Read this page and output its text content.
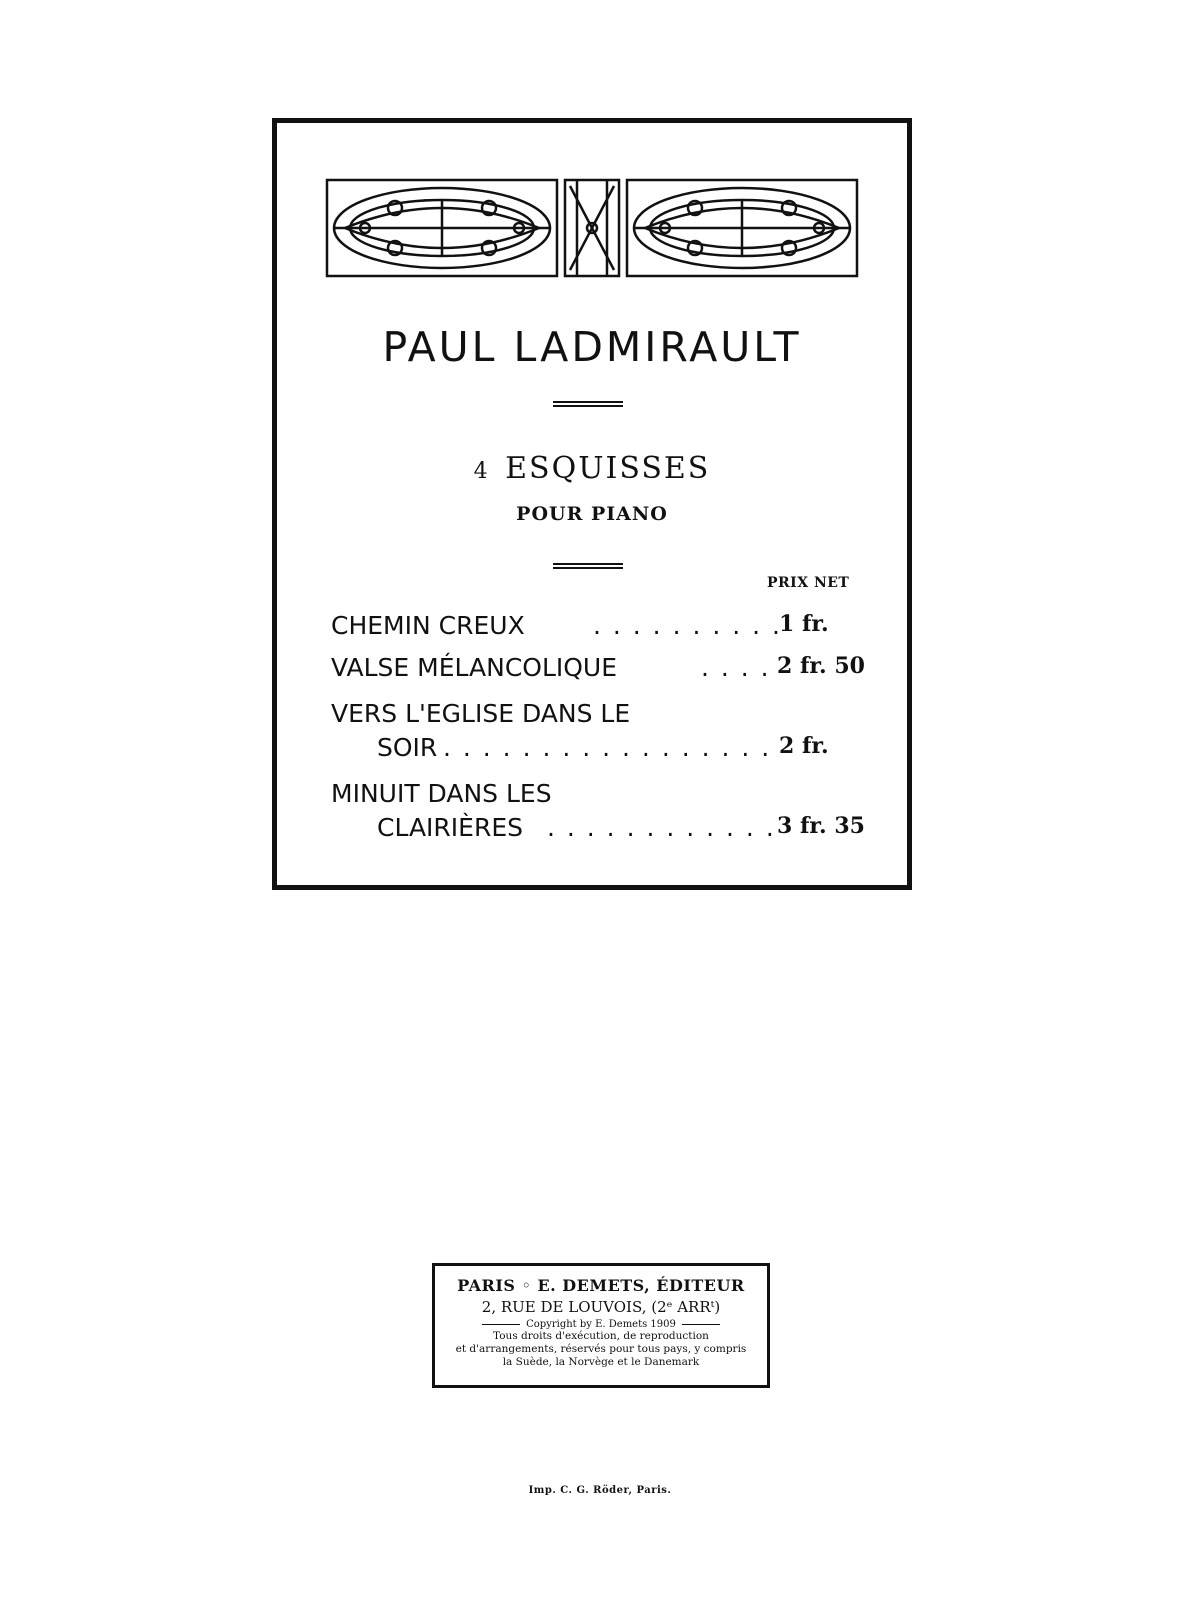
PAUL LADMIRAULT
4 ESQUISSES
POUR PIANO
PRIX NET
CHEMIN CREUX	. . . . . . . . . .
1 fr.
VALSE MÉLANCOLIQUE	. . . . 2 fr. 50
VERS L'EGLISE DANS LE
SOIR . . . . . . . . . . . . . . . . . 2 fr.
MINUIT DANS LES
CLAIRIÈRES . . . . . . . . . . . . 3 fr. 35
PARIS ◦ E. DEMETS, ÉDITEUR
2, RUE DE LOUVOIS, (2ᵉ ARRᵗ)
Copyright by E. Demets 1909
Tous droits d'exécution, de reproduction
et d'arrangements, réservés pour tous pays, y compris
la Suède, la Norvège et le Danemark
Imp. C. G. Röder, Paris.
